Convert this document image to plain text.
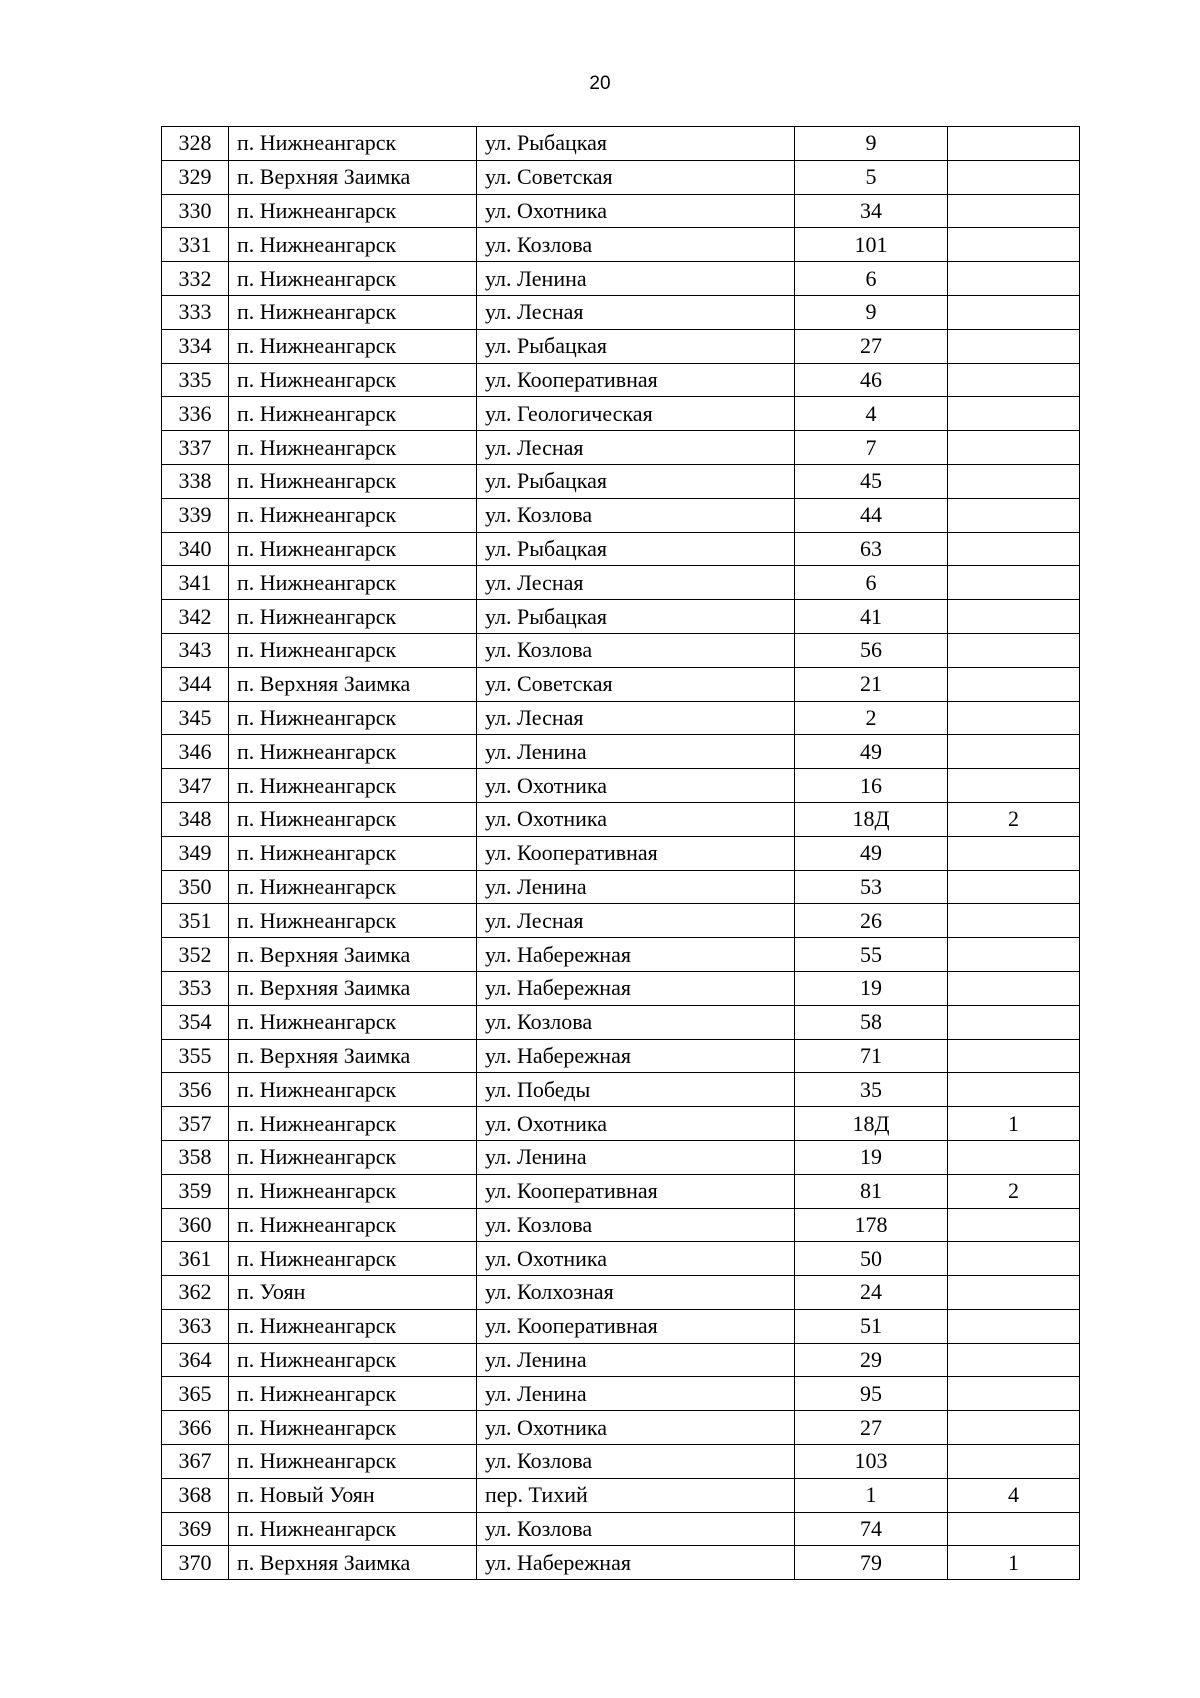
20
328	п. Нижнеангарск	ул. Рыбацкая	9	
329	п. Верхняя Заимка	ул. Советская	5	
330	п. Нижнеангарск	ул. Охотника	34	
331	п. Нижнеангарск	ул. Козлова	101	
332	п. Нижнеангарск	ул. Ленина	6	
333	п. Нижнеангарск	ул. Лесная	9	
334	п. Нижнеангарск	ул. Рыбацкая	27	
335	п. Нижнеангарск	ул. Кооперативная	46	
336	п. Нижнеангарск	ул. Геологическая	4	
337	п. Нижнеангарск	ул. Лесная	7	
338	п. Нижнеангарск	ул. Рыбацкая	45	
339	п. Нижнеангарск	ул. Козлова	44	
340	п. Нижнеангарск	ул. Рыбацкая	63	
341	п. Нижнеангарск	ул. Лесная	6	
342	п. Нижнеангарск	ул. Рыбацкая	41	
343	п. Нижнеангарск	ул. Козлова	56	
344	п. Верхняя Заимка	ул. Советская	21	
345	п. Нижнеангарск	ул. Лесная	2	
346	п. Нижнеангарск	ул. Ленина	49	
347	п. Нижнеангарск	ул. Охотника	16	
348	п. Нижнеангарск	ул. Охотника	18Д	2
349	п. Нижнеангарск	ул. Кооперативная	49	
350	п. Нижнеангарск	ул. Ленина	53	
351	п. Нижнеангарск	ул. Лесная	26	
352	п. Верхняя Заимка	ул. Набережная	55	
353	п. Верхняя Заимка	ул. Набережная	19	
354	п. Нижнеангарск	ул. Козлова	58	
355	п. Верхняя Заимка	ул. Набережная	71	
356	п. Нижнеангарск	ул. Победы	35	
357	п. Нижнеангарск	ул. Охотника	18Д	1
358	п. Нижнеангарск	ул. Ленина	19	
359	п. Нижнеангарск	ул. Кооперативная	81	2
360	п. Нижнеангарск	ул. Козлова	178	
361	п. Нижнеангарск	ул. Охотника	50	
362	п. Уоян	ул. Колхозная	24	
363	п. Нижнеангарск	ул. Кооперативная	51	
364	п. Нижнеангарск	ул. Ленина	29	
365	п. Нижнеангарск	ул. Ленина	95	
366	п. Нижнеангарск	ул. Охотника	27	
367	п. Нижнеангарск	ул. Козлова	103	
368	п. Новый Уоян	пер. Тихий	1	4
369	п. Нижнеангарск	ул. Козлова	74	
370	п. Верхняя Заимка	ул. Набережная	79	1
